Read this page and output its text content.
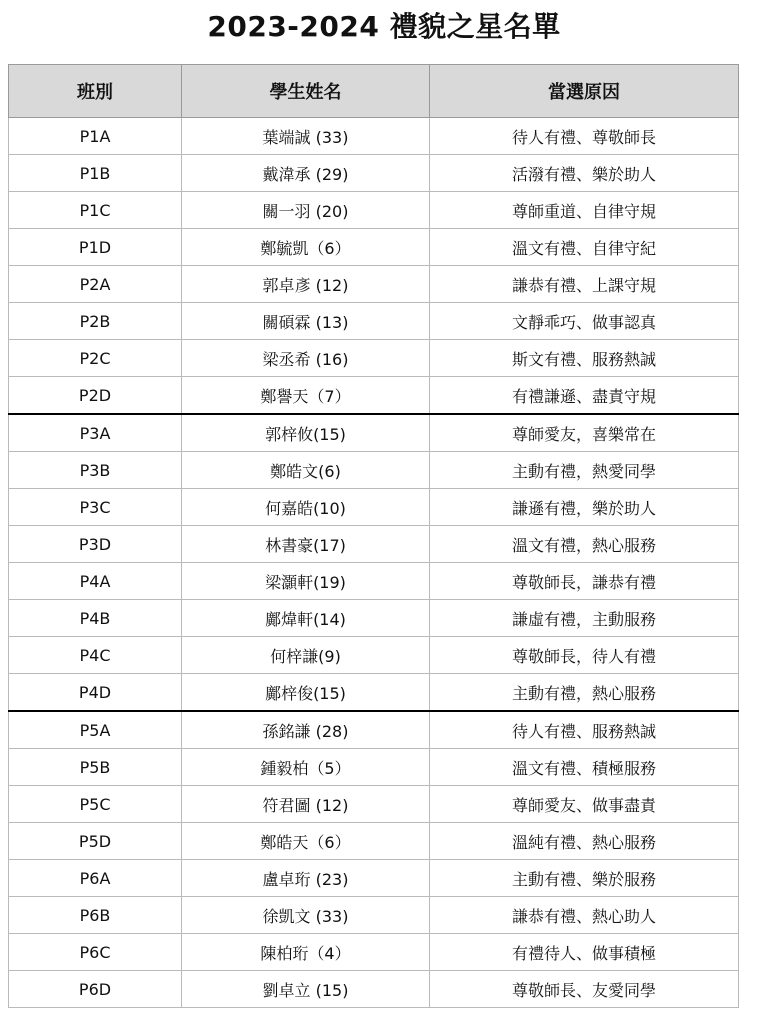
2023-2024 禮貌之星名單
班別	學生姓名	當選原因
P1A	葉端誠 (33)	待人有禮、尊敬師長
P1B	戴湋承 (29)	活潑有禮、樂於助人
P1C	關一羽 (20)	尊師重道、自律守規
P1D	鄭毓凱（6）	溫文有禮、自律守紀
P2A	郭卓彥 (12)	謙恭有禮、上課守規
P2B	關碩霖 (13)	文靜乖巧、做事認真
P2C	梁丞希 (16)	斯文有禮、服務熱誠
P2D	鄭譽天（7）	有禮謙遜、盡責守規
P3A	郭梓攸(15)	尊師愛友，喜樂常在
P3B	鄭皓文(6)	主動有禮，熱愛同學
P3C	何嘉皓(10)	謙遜有禮，樂於助人
P3D	林書豪(17)	溫文有禮，熱心服務
P4A	梁灝軒(19)	尊敬師長，謙恭有禮
P4B	鄺煒軒(14)	謙虛有禮，主動服務
P4C	何梓謙(9)	尊敬師長，待人有禮
P4D	鄺梓俊(15)	主動有禮，熱心服務
P5A	孫銘謙 (28)	待人有禮、服務熱誠
P5B	鍾毅柏（5）	溫文有禮、積極服務
P5C	符君圖 (12)	尊師愛友、做事盡責
P5D	鄭皓天（6）	溫純有禮、熱心服務
P6A	盧卓珩 (23)	主動有禮、樂於服務
P6B	徐凱文 (33)	謙恭有禮、熱心助人
P6C	陳柏珩（4）	有禮待人、做事積極
P6D	劉卓立 (15)	尊敬師長、友愛同學
